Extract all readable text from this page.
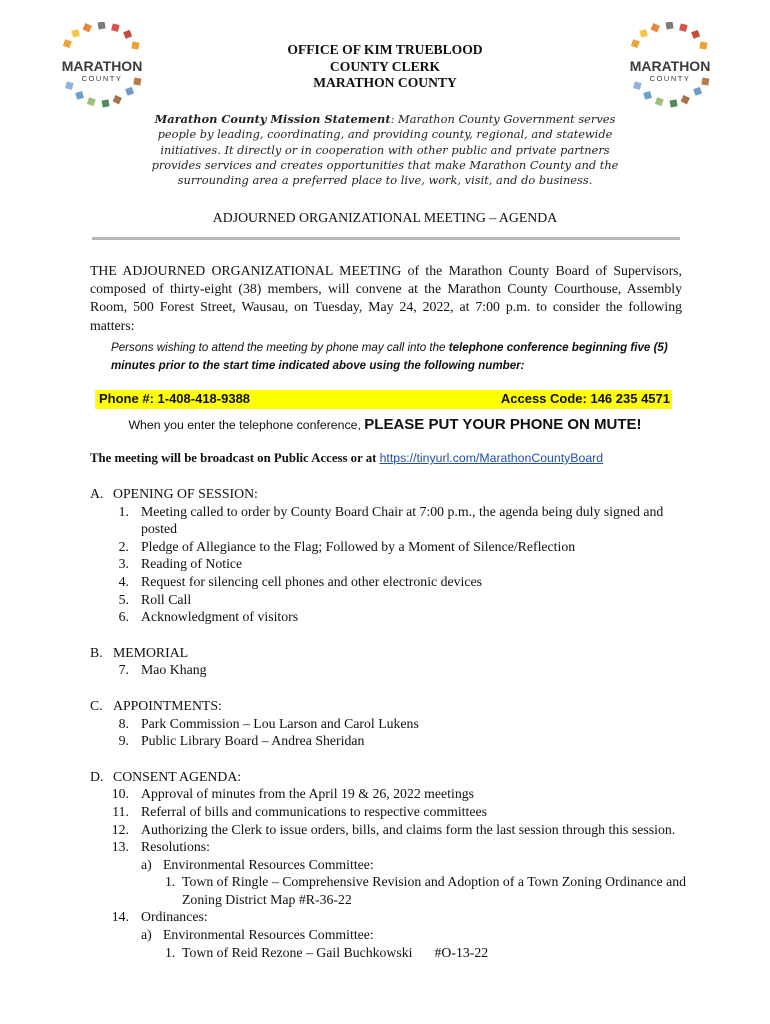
MARATHON
COUNTY
MARATHON
COUNTY
OFFICE OF KIM TRUEBLOOD
COUNTY CLERK
MARATHON COUNTY
Marathon County Mission Statement: Marathon County Government serves people by leading, coordinating, and providing county, regional, and statewide initiatives. It directly or in cooperation with other public and private partners provides services and creates opportunities that make Marathon County and the surrounding area a preferred place to live, work, visit, and do business.
ADJOURNED ORGANIZATIONAL MEETING – AGENDA
THE ADJOURNED ORGANIZATIONAL MEETING of the Marathon County Board of Supervisors, composed of thirty-eight (38) members, will convene at the Marathon County Courthouse, Assembly Room, 500 Forest Street, Wausau, on Tuesday, May 24, 2022, at 7:00 p.m. to consider the following matters:
Persons wishing to attend the meeting by phone may call into the telephone conference beginning five (5) minutes prior to the start time indicated above using the following number:
Phone #: 1-408-418-9388	Access Code: 146 235 4571
When you enter the telephone conference, PLEASE PUT YOUR PHONE ON MUTE!
The meeting will be broadcast on Public Access or at https://tinyurl.com/MarathonCountyBoard
A. OPENING OF SESSION:
1. Meeting called to order by County Board Chair at 7:00 p.m., the agenda being duly signed and posted
2. Pledge of Allegiance to the Flag; Followed by a Moment of Silence/Reflection
3. Reading of Notice
4. Request for silencing cell phones and other electronic devices
5. Roll Call
6. Acknowledgment of visitors
B. MEMORIAL
7. Mao Khang
C. APPOINTMENTS:
8. Park Commission – Lou Larson and Carol Lukens
9. Public Library Board – Andrea Sheridan
D. CONSENT AGENDA:
10. Approval of minutes from the April 19 & 26, 2022 meetings
11. Referral of bills and communications to respective committees
12. Authorizing the Clerk to issue orders, bills, and claims form the last session through this session.
13. Resolutions:
a) Environmental Resources Committee:
1. Town of Ringle – Comprehensive Revision and Adoption of a Town Zoning Ordinance and Zoning District Map #R-36-22
14. Ordinances:
a) Environmental Resources Committee:
1. Town of Reid Rezone – Gail Buchkowski #O-13-22
